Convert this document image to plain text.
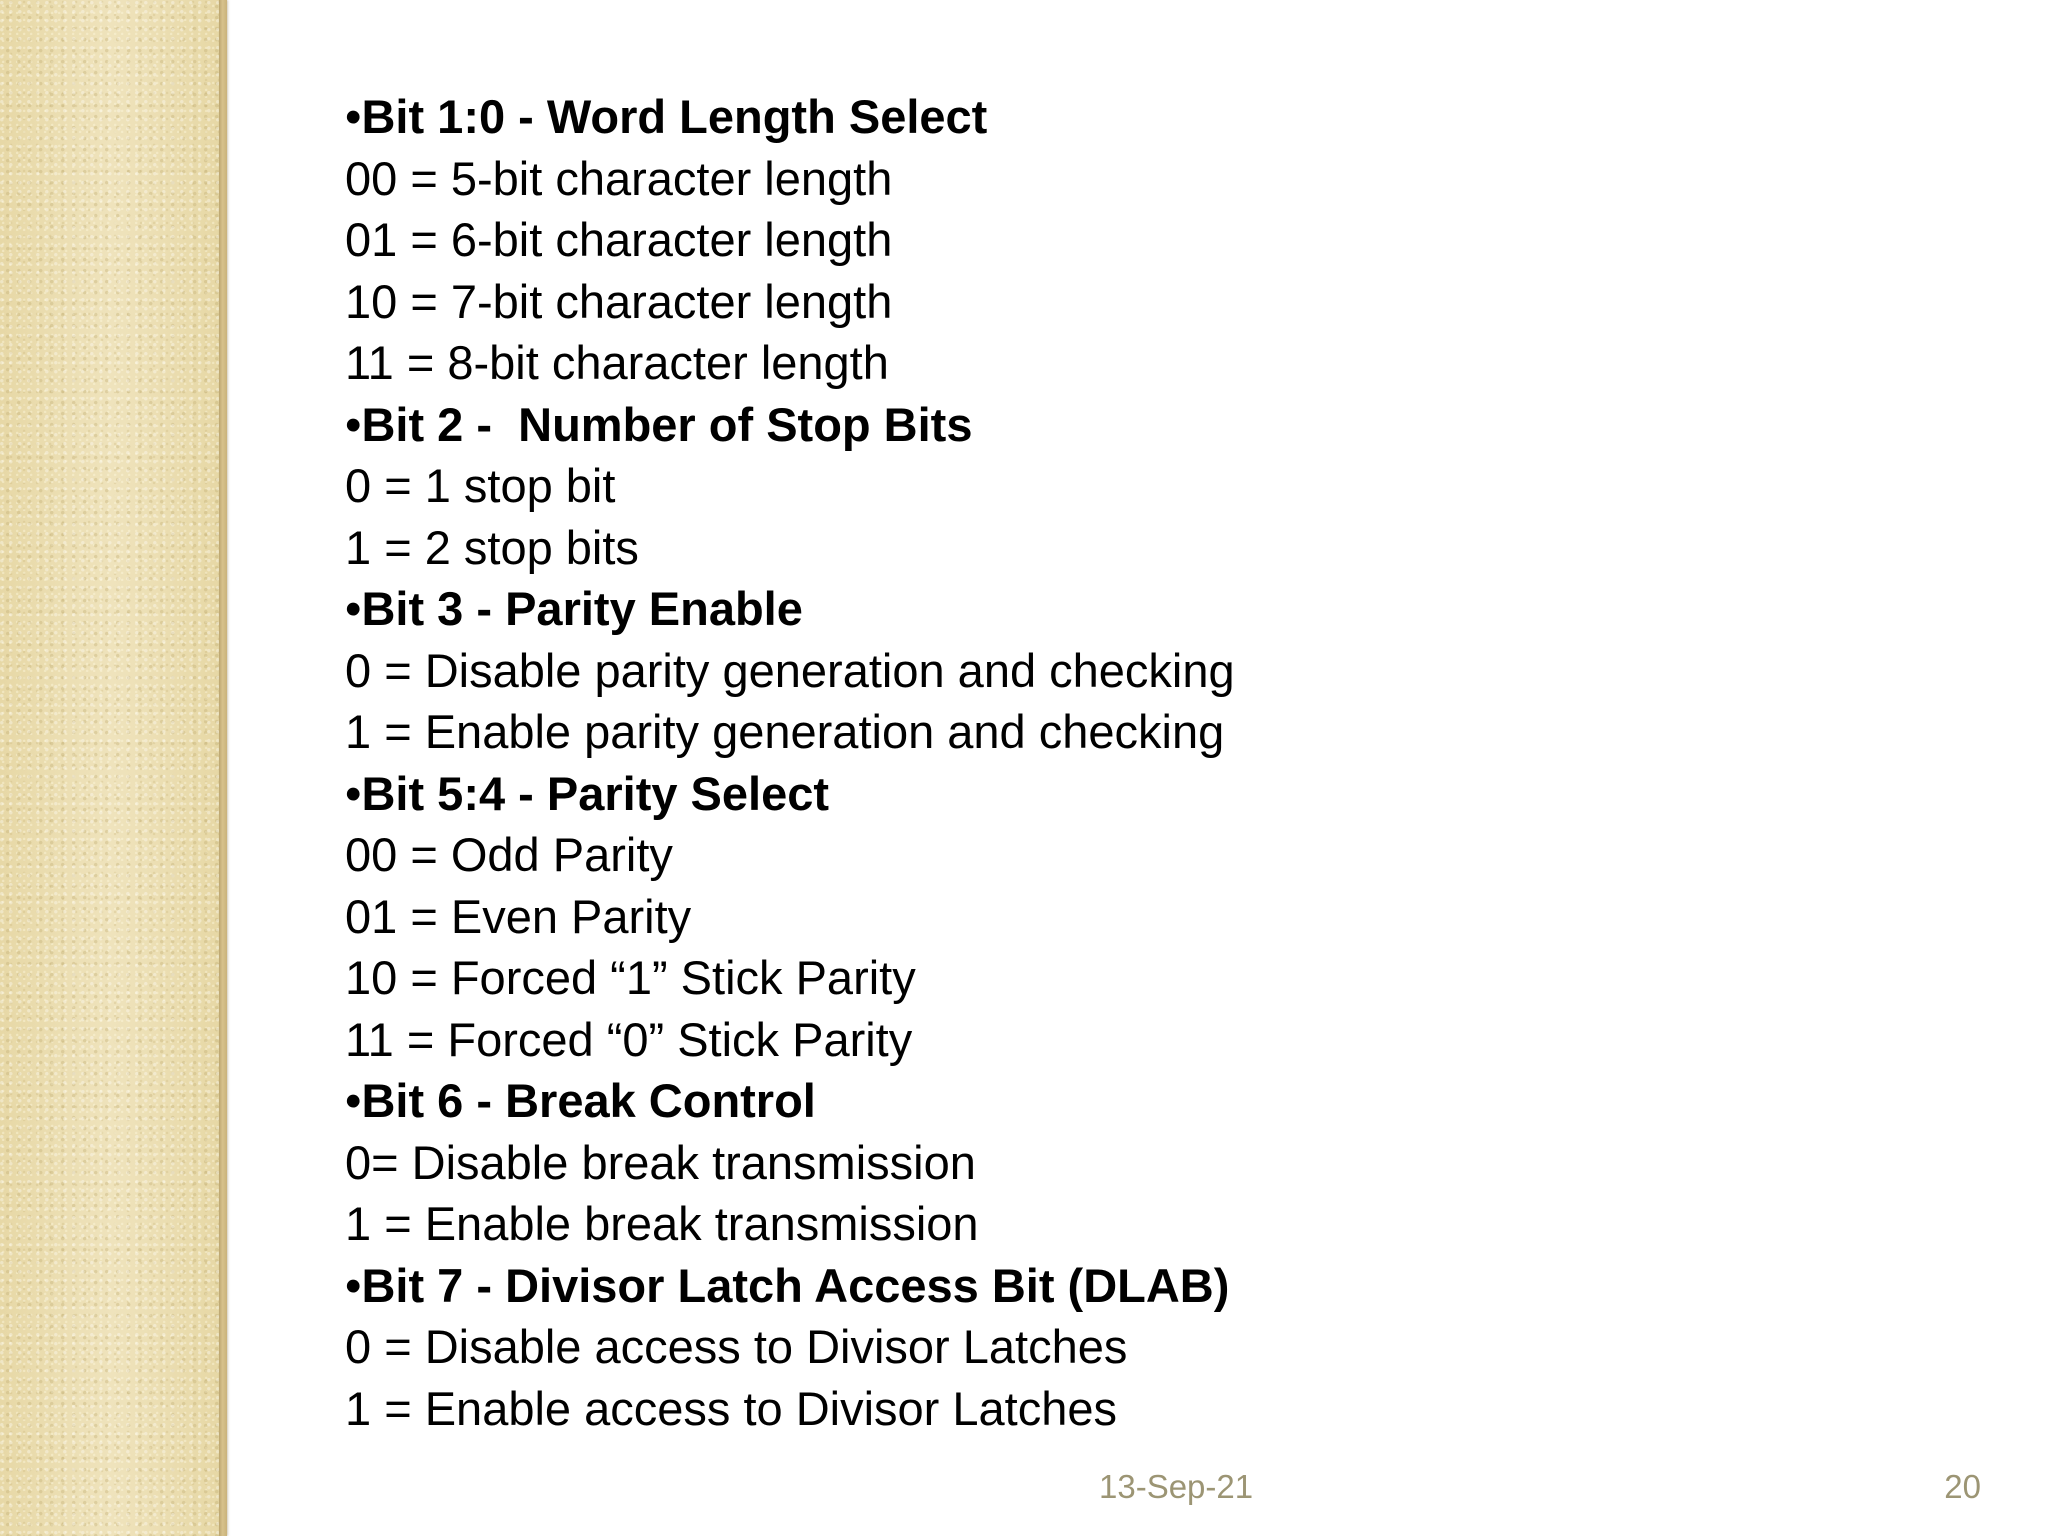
•Bit 1:0 - Word Length Select
00 = 5-bit character length
01 = 6-bit character length
10 = 7-bit character length
11 = 8-bit character length
•Bit 2 -  Number of Stop Bits
0 = 1 stop bit
1 = 2 stop bits
•Bit 3 - Parity Enable
0 = Disable parity generation and checking
1 = Enable parity generation and checking
•Bit 5:4 - Parity Select
00 = Odd Parity
01 = Even Parity
10 = Forced “1” Stick Parity
11 = Forced “0” Stick Parity
•Bit 6 - Break Control
0= Disable break transmission
1 = Enable break transmission
•Bit 7 - Divisor Latch Access Bit (DLAB)
0 = Disable access to Divisor Latches
1 = Enable access to Divisor Latches
13-Sep-21	20
